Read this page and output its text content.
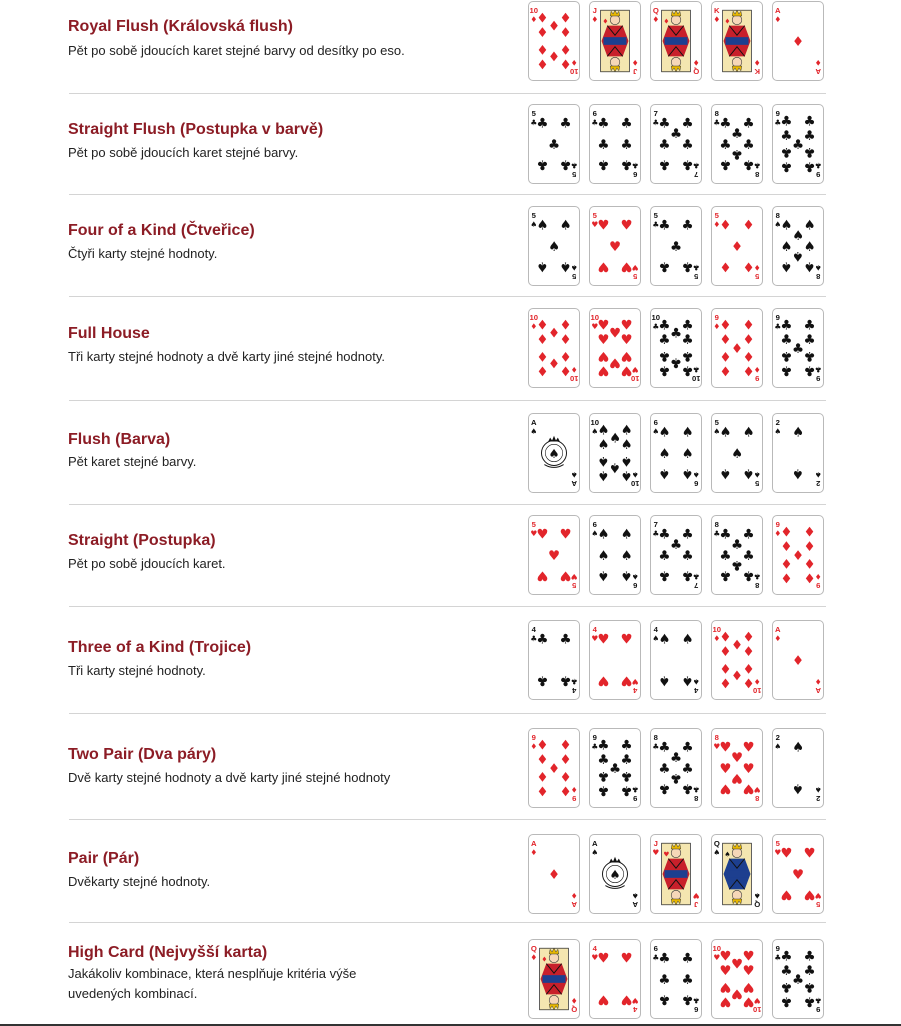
Royal Flush (Královská flush)

Pět po sobě jdoucích karet stejné barvy od desítky po eso.

10
♦
10
♦
♦ ♦
♦
♦ ♦
♦ ♦
♦
♦ ♦
J
♦
J
♦
♦
Q
♦
Q
♦
♦
K
♦
K
♦
♦
A
♦
A
♦
♦
Straight Flush (Postupka v barvě)

Pět po sobě jdoucích karet stejné barvy.

5
♣
5
♣
♣ ♣
♣
♣ ♣
6
♣
6
♣
♣ ♣
♣ ♣
♣ ♣
7
♣
7
♣
♣ ♣
♣
♣ ♣
♣ ♣
8
♣
8
♣
♣ ♣
♣
♣ ♣
♣
♣ ♣
9
♣
9
♣
♣ ♣
♣ ♣
♣
♣ ♣
♣ ♣
Four of a Kind (Čtveřice)

Čtyři karty stejné hodnoty.

5
♠
5
♠
♠ ♠
♠
♠ ♠
5
♥
5
♥
♥ ♥
♥
♥ ♥
5
♣
5
♣
♣ ♣
♣
♣ ♣
5
♦
5
♦
♦ ♦
♦
♦ ♦
8
♠
8
♠
♠ ♠
♠
♠ ♠
♠
♠ ♠
Full House

Tři karty stejné hodnoty a dvě karty jiné stejné hodnoty.

10
♦
10
♦
♦ ♦
♦
♦ ♦
♦ ♦
♦
♦ ♦
10
♥
10
♥
♥ ♥
♥
♥ ♥
♥ ♥
♥
♥ ♥
10
♣
10
♣
♣ ♣
♣
♣ ♣
♣ ♣
♣
♣ ♣
9
♦
9
♦
♦ ♦
♦ ♦
♦
♦ ♦
♦ ♦
9
♣
9
♣
♣ ♣
♣ ♣
♣
♣ ♣
♣ ♣
Flush (Barva)

Pět karet stejné barvy.

A
♠
A
♠
♠
10
♠
10
♠
♠ ♠
♠
♠ ♠
♠ ♠
♠
♠ ♠
6
♠
6
♠
♠ ♠
♠ ♠
♠ ♠
5
♠
5
♠
♠ ♠
♠
♠ ♠
2
♠
2
♠
♠
♠
Straight (Postupka)

Pět po sobě jdoucích karet.

5
♥
5
♥
♥ ♥
♥
♥ ♥
6
♠
6
♠
♠ ♠
♠ ♠
♠ ♠
7
♣
7
♣
♣ ♣
♣
♣ ♣
♣ ♣
8
♣
8
♣
♣ ♣
♣
♣ ♣
♣
♣ ♣
9
♦
9
♦
♦ ♦
♦ ♦
♦
♦ ♦
♦ ♦
Three of a Kind (Trojice)

Tři karty stejné hodnoty.

4
♣
4
♣
♣ ♣
♣ ♣
4
♥
4
♥
♥ ♥
♥ ♥
4
♠
4
♠
♠ ♠
♠ ♠
10
♦
10
♦
♦ ♦
♦
♦ ♦
♦ ♦
♦
♦ ♦
A
♦
A
♦
♦
Two Pair (Dva páry)

Dvě karty stejné hodnoty a dvě karty jiné stejné hodnoty

9
♦
9
♦
♦ ♦
♦ ♦
♦
♦ ♦
♦ ♦
9
♣
9
♣
♣ ♣
♣ ♣
♣
♣ ♣
♣ ♣
8
♣
8
♣
♣ ♣
♣
♣ ♣
♣
♣ ♣
8
♥
8
♥
♥ ♥
♥
♥ ♥
♥
♥ ♥
2
♠
2
♠
♠
♠
Pair (Pár)

Dvěkarty stejné hodnoty.

A
♦
A
♦
♦
A
♠
A
♠
♠
J
♥
J
♥
♥
Q
♠
Q
♠
♠
5
♥
5
♥
♥ ♥
♥
♥ ♥
High Card (Nejvyšší karta)

Jakákoliv kombinace, která nesplňuje kritéria výše uvedených kombinací.

Q
♦
Q
♦
♦
4
♥
4
♥
♥ ♥
♥ ♥
6
♣
6
♣
♣ ♣
♣ ♣
♣ ♣
10
♥
10
♥
♥ ♥
♥
♥ ♥
♥ ♥
♥
♥ ♥
9
♣
9
♣
♣ ♣
♣ ♣
♣
♣ ♣
♣ ♣
